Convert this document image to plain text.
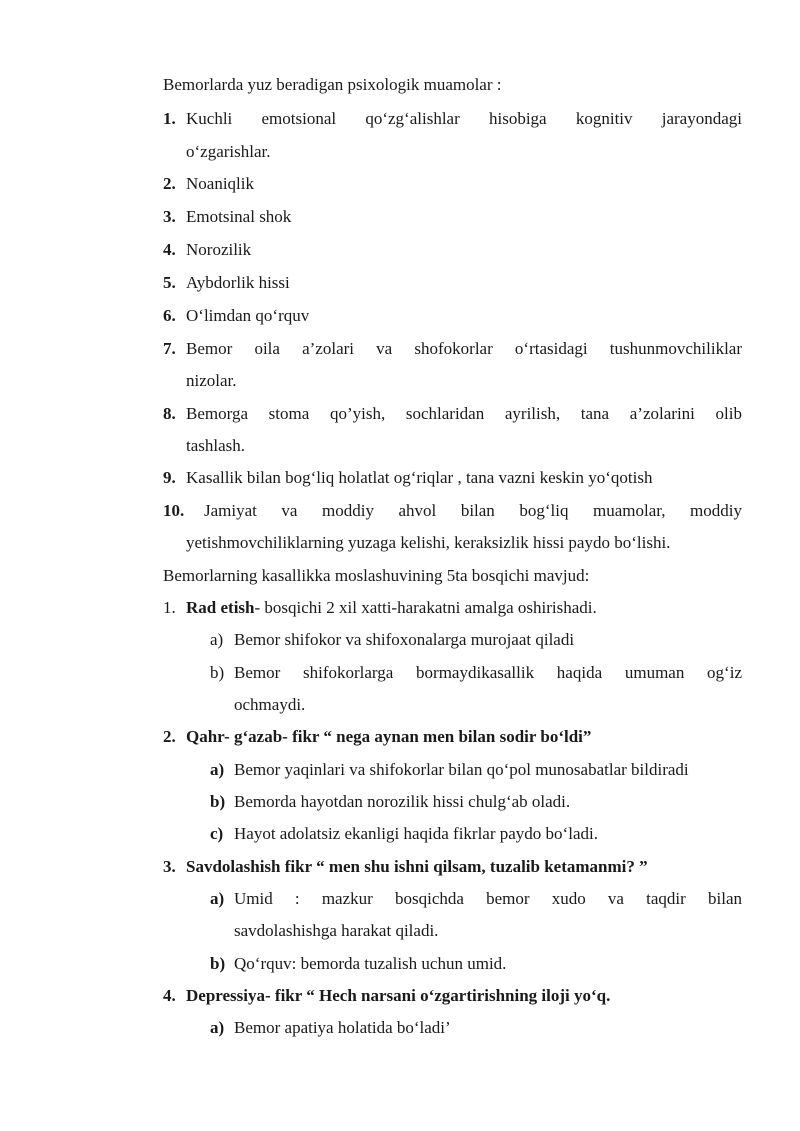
Bemorlarda yuz beradigan psixologik muamolar :
1. Kuchli emotsional qo‘zg‘alishlar hisobiga kognitiv jarayondagi
o‘zgarishlar.
2. Noaniqlik
3. Emotsinal shok
4. Norozilik
5. Aybdorlik hissi
6. O‘limdan qo‘rquv
7. Bemor oila a’zolari va shofokorlar o‘rtasidagi tushunmovchiliklar
nizolar.
8. Bemorga stoma qo’yish, sochlaridan ayrilish, tana a’zolarini olib
tashlash.
9. Kasallik bilan bog‘liq holatlat og‘riqlar , tana vazni keskin yo‘qotish
10. Jamiyat va moddiy ahvol bilan bog‘liq muamolar, moddiy
yetishmovchiliklarning yuzaga kelishi, keraksizlik hissi paydo bo‘lishi.
Bemorlarning kasallikka moslashuvining 5ta bosqichi mavjud:
1. Rad etish- bosqichi 2 xil xatti-harakatni amalga oshirishadi.
a) Bemor shifokor va shifoxonalarga murojaat qiladi
b) Bemor shifokorlarga bormaydikasallik haqida umuman og‘iz
ochmaydi.
2. Qahr- g‘azab- fikr “ nega aynan men bilan sodir bo‘ldi”
a) Bemor yaqinlari va shifokorlar bilan qo‘pol munosabatlar bildiradi
b) Bemorda hayotdan norozilik hissi chulg‘ab oladi.
c) Hayot adolatsiz ekanligi haqida fikrlar paydo bo‘ladi.
3. Savdolashish fikr “ men shu ishni qilsam, tuzalib ketamanmi? ”
a) Umid : mazkur bosqichda bemor xudo va taqdir bilan
savdolashishga harakat qiladi.
b) Qo‘rquv: bemorda tuzalish uchun umid.
4. Depressiya- fikr “ Hech narsani o‘zgartirishning iloji yo‘q.
a) Bemor apatiya holatida bo‘ladi’
